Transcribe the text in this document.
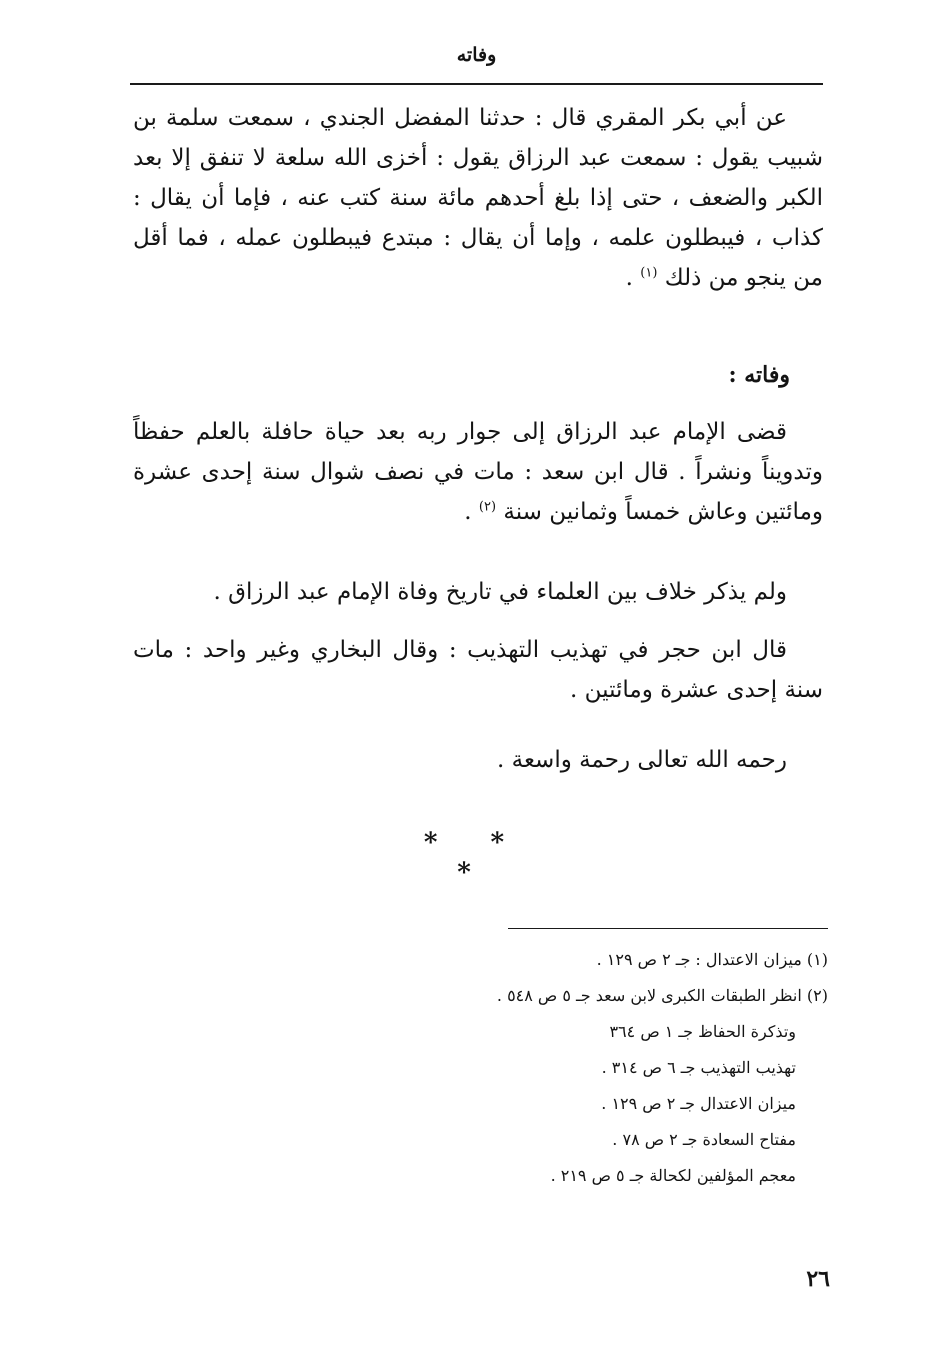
وفاته

عن أبي بكر المقري قال : حدثنا المفضل الجندي ، سمعت سلمة بن شبيب يقول : سمعت عبد الرزاق يقول : أخزى الله سلعة لا تنفق إلا بعد الكبر والضعف ، حتى إذا بلغ أحدهم مائة سنة كتب عنه ، فإما أن يقال : كذاب ، فيبطلون علمه ، وإما أن يقال : مبتدع فيبطلون عمله ، فما أقل من ينجو من ذلك $^{(١)}$ .

وفاته :

قضى الإمام عبد الرزاق إلى جوار ربه بعد حياة حافلة بالعلم حفظاً وتدويناً ونشراً . قال ابن سعد : مات في نصف شوال سنة إحدى عشرة ومائتين وعاش خمساً وثمانين سنة $^{(٢)}$ .

ولم يذكر خلاف بين العلماء في تاريخ وفاة الإمام عبد الرزاق .

قال ابن حجر في تهذيب التهذيب : وقال البخاري وغير واحد : مات سنة إحدى عشرة ومائتين .

رحمه الله تعالى رحمة واسعة .

* * *
(١) ميزان الاعتدال : جـ ٢ ص ١٢٩ .
(٢) انظر الطبقات الكبرى لابن سعد جـ ٥ ص ٥٤٨ .
وتذكرة الحفاظ جـ ١ ص ٣٦٤
تهذيب التهذيب جـ ٦ ص ٣١٤ .
ميزان الاعتدال جـ ٢ ص ١٢٩ .
مفتاح السعادة جـ ٢ ص ٧٨ .
معجم المؤلفين لكحالة جـ ٥ ص ٢١٩ .
٢٦
